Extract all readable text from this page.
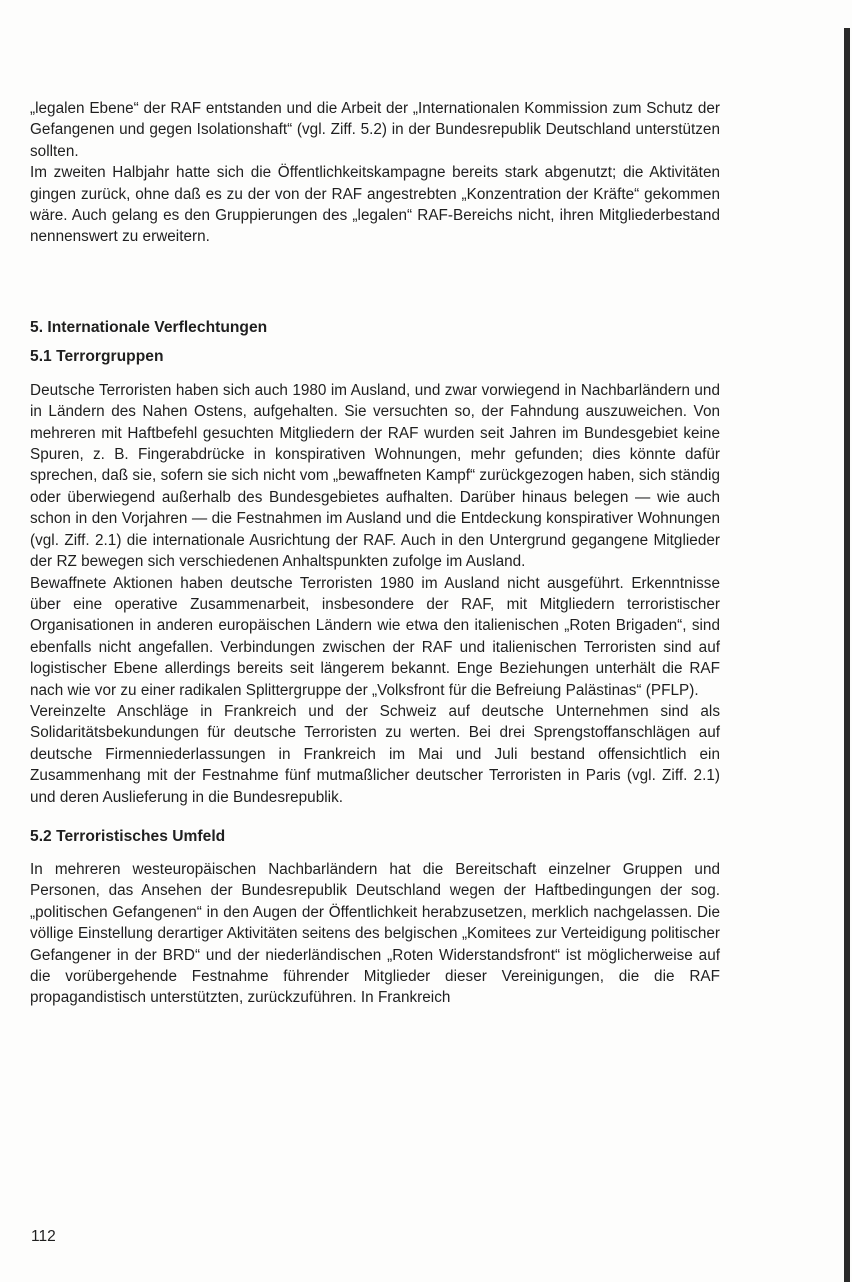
„legalen Ebene“ der RAF entstanden und die Arbeit der „Internationalen Kommission zum Schutz der Gefangenen und gegen Isolationshaft“ (vgl. Ziff. 5.2) in der Bundesrepublik Deutschland unterstützen sollten.

Im zweiten Halbjahr hatte sich die Öffentlichkeitskampagne bereits stark abgenutzt; die Aktivitäten gingen zurück, ohne daß es zu der von der RAF angestrebten „Konzentration der Kräfte“ gekommen wäre. Auch gelang es den Gruppierungen des „legalen“ RAF-Bereichs nicht, ihren Mitgliederbestand nennenswert zu erweitern.

5. Internationale Verflechtungen
5.1 Terrorgruppen

Deutsche Terroristen haben sich auch 1980 im Ausland, und zwar vorwiegend in Nachbarländern und in Ländern des Nahen Ostens, aufgehalten. Sie versuchten so, der Fahndung auszuweichen. Von mehreren mit Haftbefehl gesuchten Mitgliedern der RAF wurden seit Jahren im Bundesgebiet keine Spuren, z. B. Fingerabdrücke in konspirativen Wohnungen, mehr gefunden; dies könnte dafür sprechen, daß sie, sofern sie sich nicht vom „bewaffneten Kampf“ zurückgezogen haben, sich ständig oder überwiegend außerhalb des Bundesgebietes aufhalten. Darüber hinaus belegen — wie auch schon in den Vorjahren — die Festnahmen im Ausland und die Entdeckung konspirativer Wohnungen (vgl. Ziff. 2.1) die internationale Ausrichtung der RAF. Auch in den Untergrund gegangene Mitglieder der RZ bewegen sich verschiedenen Anhaltspunkten zufolge im Ausland.

Bewaffnete Aktionen haben deutsche Terroristen 1980 im Ausland nicht ausgeführt. Erkenntnisse über eine operative Zusammenarbeit, insbesondere der RAF, mit Mitgliedern terroristischer Organisationen in anderen europäischen Ländern wie etwa den italienischen „Roten Brigaden“, sind ebenfalls nicht angefallen. Verbindungen zwischen der RAF und italienischen Terroristen sind auf logistischer Ebene allerdings bereits seit längerem bekannt. Enge Beziehungen unterhält die RAF nach wie vor zu einer radikalen Splittergruppe der „Volksfront für die Befreiung Palästinas“ (PFLP).

Vereinzelte Anschläge in Frankreich und der Schweiz auf deutsche Unternehmen sind als Solidaritätsbekundungen für deutsche Terroristen zu werten. Bei drei Sprengstoffanschlägen auf deutsche Firmenniederlassungen in Frankreich im Mai und Juli bestand offensichtlich ein Zusammenhang mit der Festnahme fünf mutmaßlicher deutscher Terroristen in Paris (vgl. Ziff. 2.1) und deren Auslieferung in die Bundesrepublik.

5.2 Terroristisches Umfeld

In mehreren westeuropäischen Nachbarländern hat die Bereitschaft einzelner Gruppen und Personen, das Ansehen der Bundesrepublik Deutschland wegen der Haftbedingungen der sog. „politischen Gefangenen“ in den Augen der Öffentlichkeit herabzusetzen, merklich nachgelassen. Die völlige Einstellung derartiger Aktivitäten seitens des belgischen „Komitees zur Verteidigung politischer Gefangener in der BRD“ und der niederländischen „Roten Widerstandsfront“ ist möglicherweise auf die vorübergehende Festnahme führender Mitglieder dieser Vereinigungen, die die RAF propagandistisch unterstützten, zurückzuführen. In Frankreich

112
